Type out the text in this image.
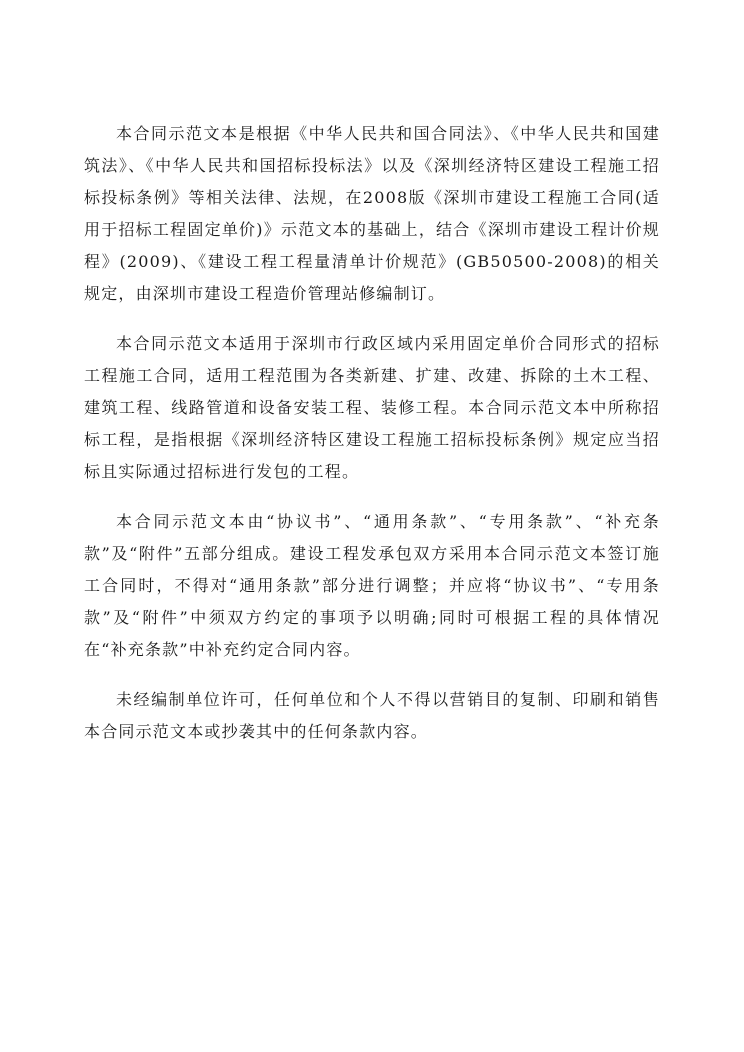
本合同示范文本是根据《中华人民共和国合同法》、《中华人民共和国建筑法》、《中华人民共和国招标投标法》以及《深圳经济特区建设工程施工招标投标条例》等相关法律、法规，在2008版《深圳市建设工程施工合同(适用于招标工程固定单价)》示范文本的基础上，结合《深圳市建设工程计价规程》(2009)、《建设工程工程量清单计价规范》(GB50500-2008)的相关规定，由深圳市建设工程造价管理站修编制订。

本合同示范文本适用于深圳市行政区域内采用固定单价合同形式的招标工程施工合同，适用工程范围为各类新建、扩建、改建、拆除的土木工程、建筑工程、线路管道和设备安装工程、装修工程。本合同示范文本中所称招标工程，是指根据《深圳经济特区建设工程施工招标投标条例》规定应当招标且实际通过招标进行发包的工程。

本合同示范文本由“协议书”、“通用条款”、“专用条款”、“补充条款”及“附件”五部分组成。建设工程发承包双方采用本合同示范文本签订施工合同时，不得对“通用条款”部分进行调整；并应将“协议书”、“专用条款”及“附件”中须双方约定的事项予以明确;同时可根据工程的具体情况在“补充条款”中补充约定合同内容。

未经编制单位许可，任何单位和个人不得以营销目的复制、印刷和销售本合同示范文本或抄袭其中的任何条款内容。
